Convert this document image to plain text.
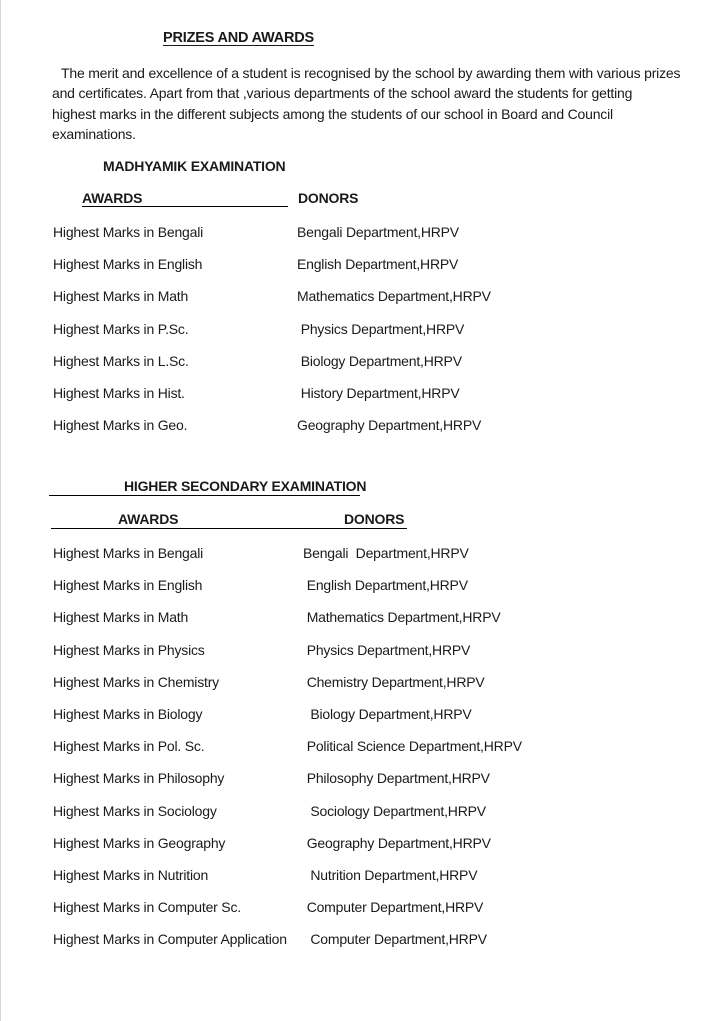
PRIZES AND AWARDS
The merit and excellence of a student is recognised by the school by awarding them with various prizes
and certificates. Apart from that ,various departments of the school award the students for getting
highest marks in the different subjects among the students of our school in Board and Council
examinations.
MADHYAMIK EXAMINATION
AWARDS	DONORS
Highest Marks in Bengali	Bengali Department,HRPV
Highest Marks in English	English Department,HRPV
Highest Marks in Math	Mathematics Department,HRPV
Highest Marks in P.Sc.	Physics Department,HRPV
Highest Marks in L.Sc.	Biology Department,HRPV
Highest Marks in Hist.	History Department,HRPV
Highest Marks in Geo.	Geography Department,HRPV
HIGHER SECONDARY EXAMINATION
AWARDS	DONORS
Highest Marks in Bengali	Bengali  Department,HRPV
Highest Marks in English	English Department,HRPV
Highest Marks in Math	Mathematics Department,HRPV
Highest Marks in Physics	Physics Department,HRPV
Highest Marks in Chemistry	Chemistry Department,HRPV
Highest Marks in Biology	Biology Department,HRPV
Highest Marks in Pol. Sc.	Political Science Department,HRPV
Highest Marks in Philosophy	Philosophy Department,HRPV
Highest Marks in Sociology	Sociology Department,HRPV
Highest Marks in Geography	Geography Department,HRPV
Highest Marks in Nutrition	Nutrition Department,HRPV
Highest Marks in Computer Sc.	Computer Department,HRPV
Highest Marks in Computer Application	Computer Department,HRPV
